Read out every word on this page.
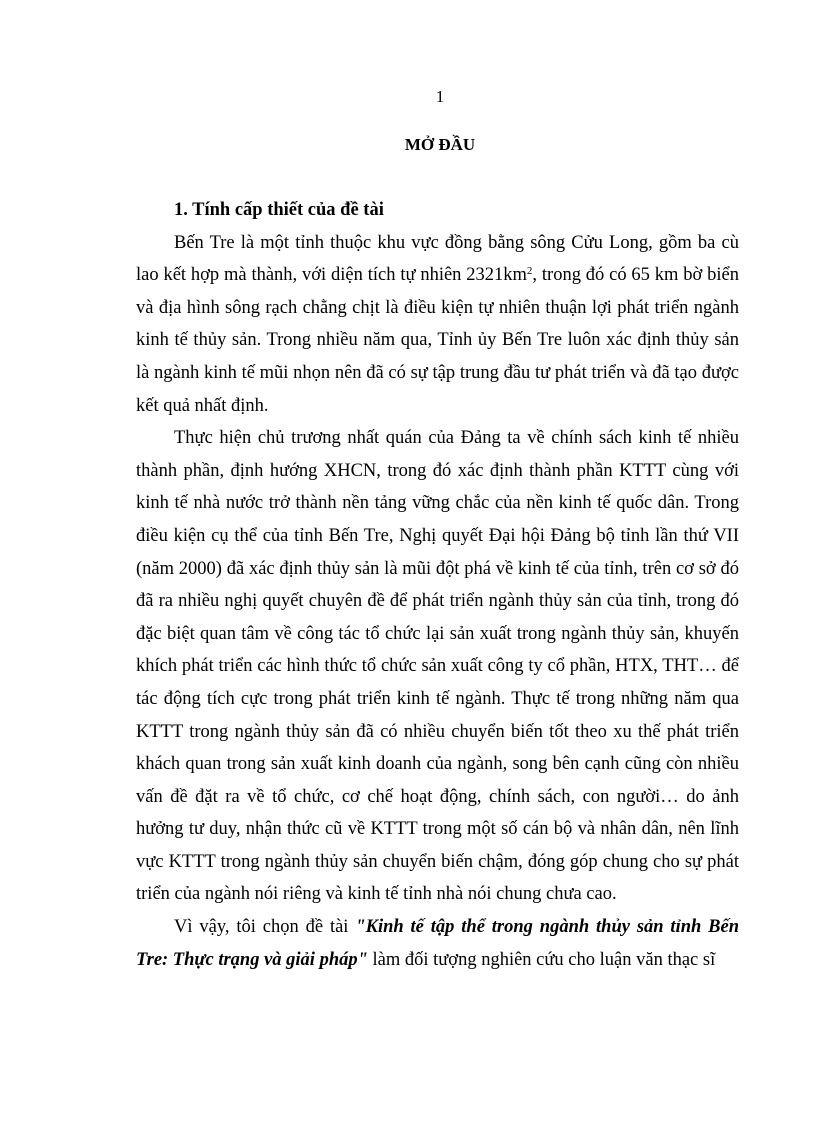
1
MỞ ĐẦU
1. Tính cấp thiết của đề tài

Bến Tre là một tỉnh thuộc khu vực đồng bằng sông Cửu Long, gồm ba cù lao kết hợp mà thành, với diện tích tự nhiên $2321km^2$, trong đó có 65 km bờ biển và địa hình sông rạch chằng chịt là điều kiện tự nhiên thuận lợi phát triển ngành kinh tế thủy sản. Trong nhiều năm qua, Tỉnh ủy Bến Tre luôn xác định thủy sản là ngành kinh tế mũi nhọn nên đã có sự tập trung đầu tư phát triển và đã tạo được kết quả nhất định.

Thực hiện chủ trương nhất quán của Đảng ta về chính sách kinh tế nhiều thành phần, định hướng XHCN, trong đó xác định thành phần KTTT cùng với kinh tế nhà nước trở thành nền tảng vững chắc của nền kinh tế quốc dân. Trong điều kiện cụ thể của tỉnh Bến Tre, Nghị quyết Đại hội Đảng bộ tỉnh lần thứ VII (năm 2000) đã xác định thủy sản là mũi đột phá về kinh tế của tỉnh, trên cơ sở đó đã ra nhiều nghị quyết chuyên đề để phát triển ngành thủy sản của tỉnh, trong đó đặc biệt quan tâm về công tác tổ chức lại sản xuất trong ngành thủy sản, khuyến khích phát triển các hình thức tổ chức sản xuất công ty cổ phần, HTX, THT… để tác động tích cực trong phát triển kinh tế ngành. Thực tế trong những năm qua KTTT trong ngành thủy sản đã có nhiều chuyển biến tốt theo xu thế phát triển khách quan trong sản xuất kinh doanh của ngành, song bên cạnh cũng còn nhiều vấn đề đặt ra về tổ chức, cơ chế hoạt động, chính sách, con người… do ảnh hưởng tư duy, nhận thức cũ về KTTT trong một số cán bộ và nhân dân, nên lĩnh vực KTTT trong ngành thủy sản chuyển biến chậm, đóng góp chung cho sự phát triển của ngành nói riêng và kinh tế tỉnh nhà nói chung chưa cao.

Vì vậy, tôi chọn đề tài "Kinh tế tập thể trong ngành thủy sản tỉnh Bến Tre: Thực trạng và giải pháp" làm đối tượng nghiên cứu cho luận văn thạc sĩ
